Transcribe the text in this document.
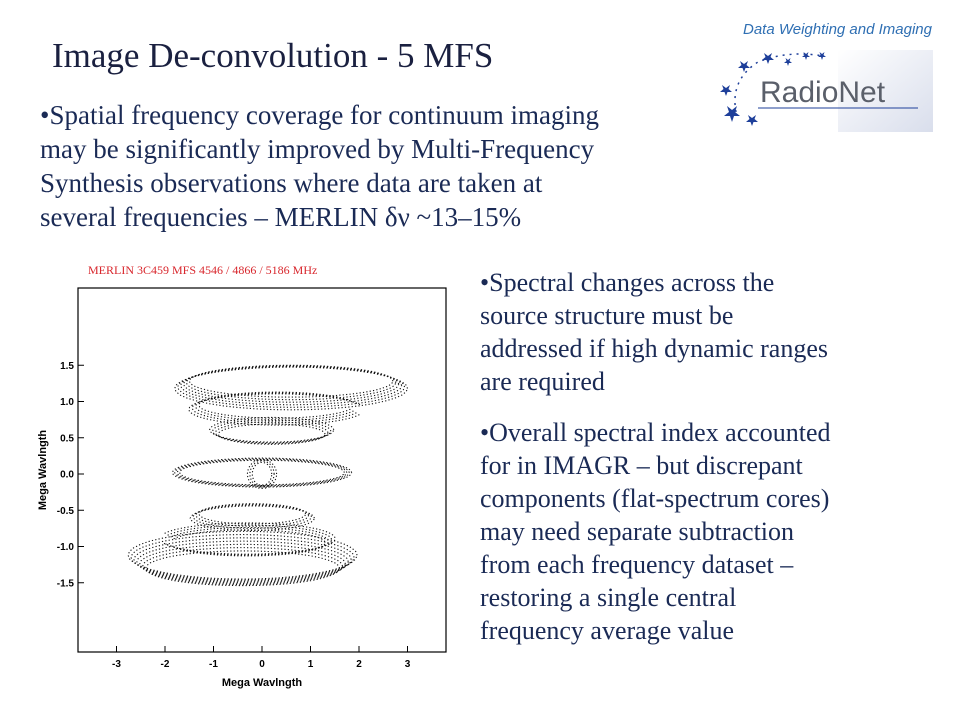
Data Weighting and Imaging
RadioNet
Image De-convolution - 5 MFS
•Spatial frequency coverage for continuum imaging
may be significantly improved by Multi-Frequency
Synthesis observations where data are taken at
several frequencies – MERLIN δν ~13–15%
MERLIN 3C459 MFS 4546 / 4866 / 5186 MHz
-3	-2	-1	0	1	2	3
1.5
1.0
0.5
0.0
-0.5
-1.0
-1.5
Mega Wavlngth
Mega Wavlngth

•Spectral changes across the
source structure must be
addressed if high dynamic ranges
are required

•Overall spectral index accounted
for in IMAGR – but discrepant
components (flat-spectrum cores)
may need separate subtraction
from each frequency dataset –
restoring a single central
frequency average value
